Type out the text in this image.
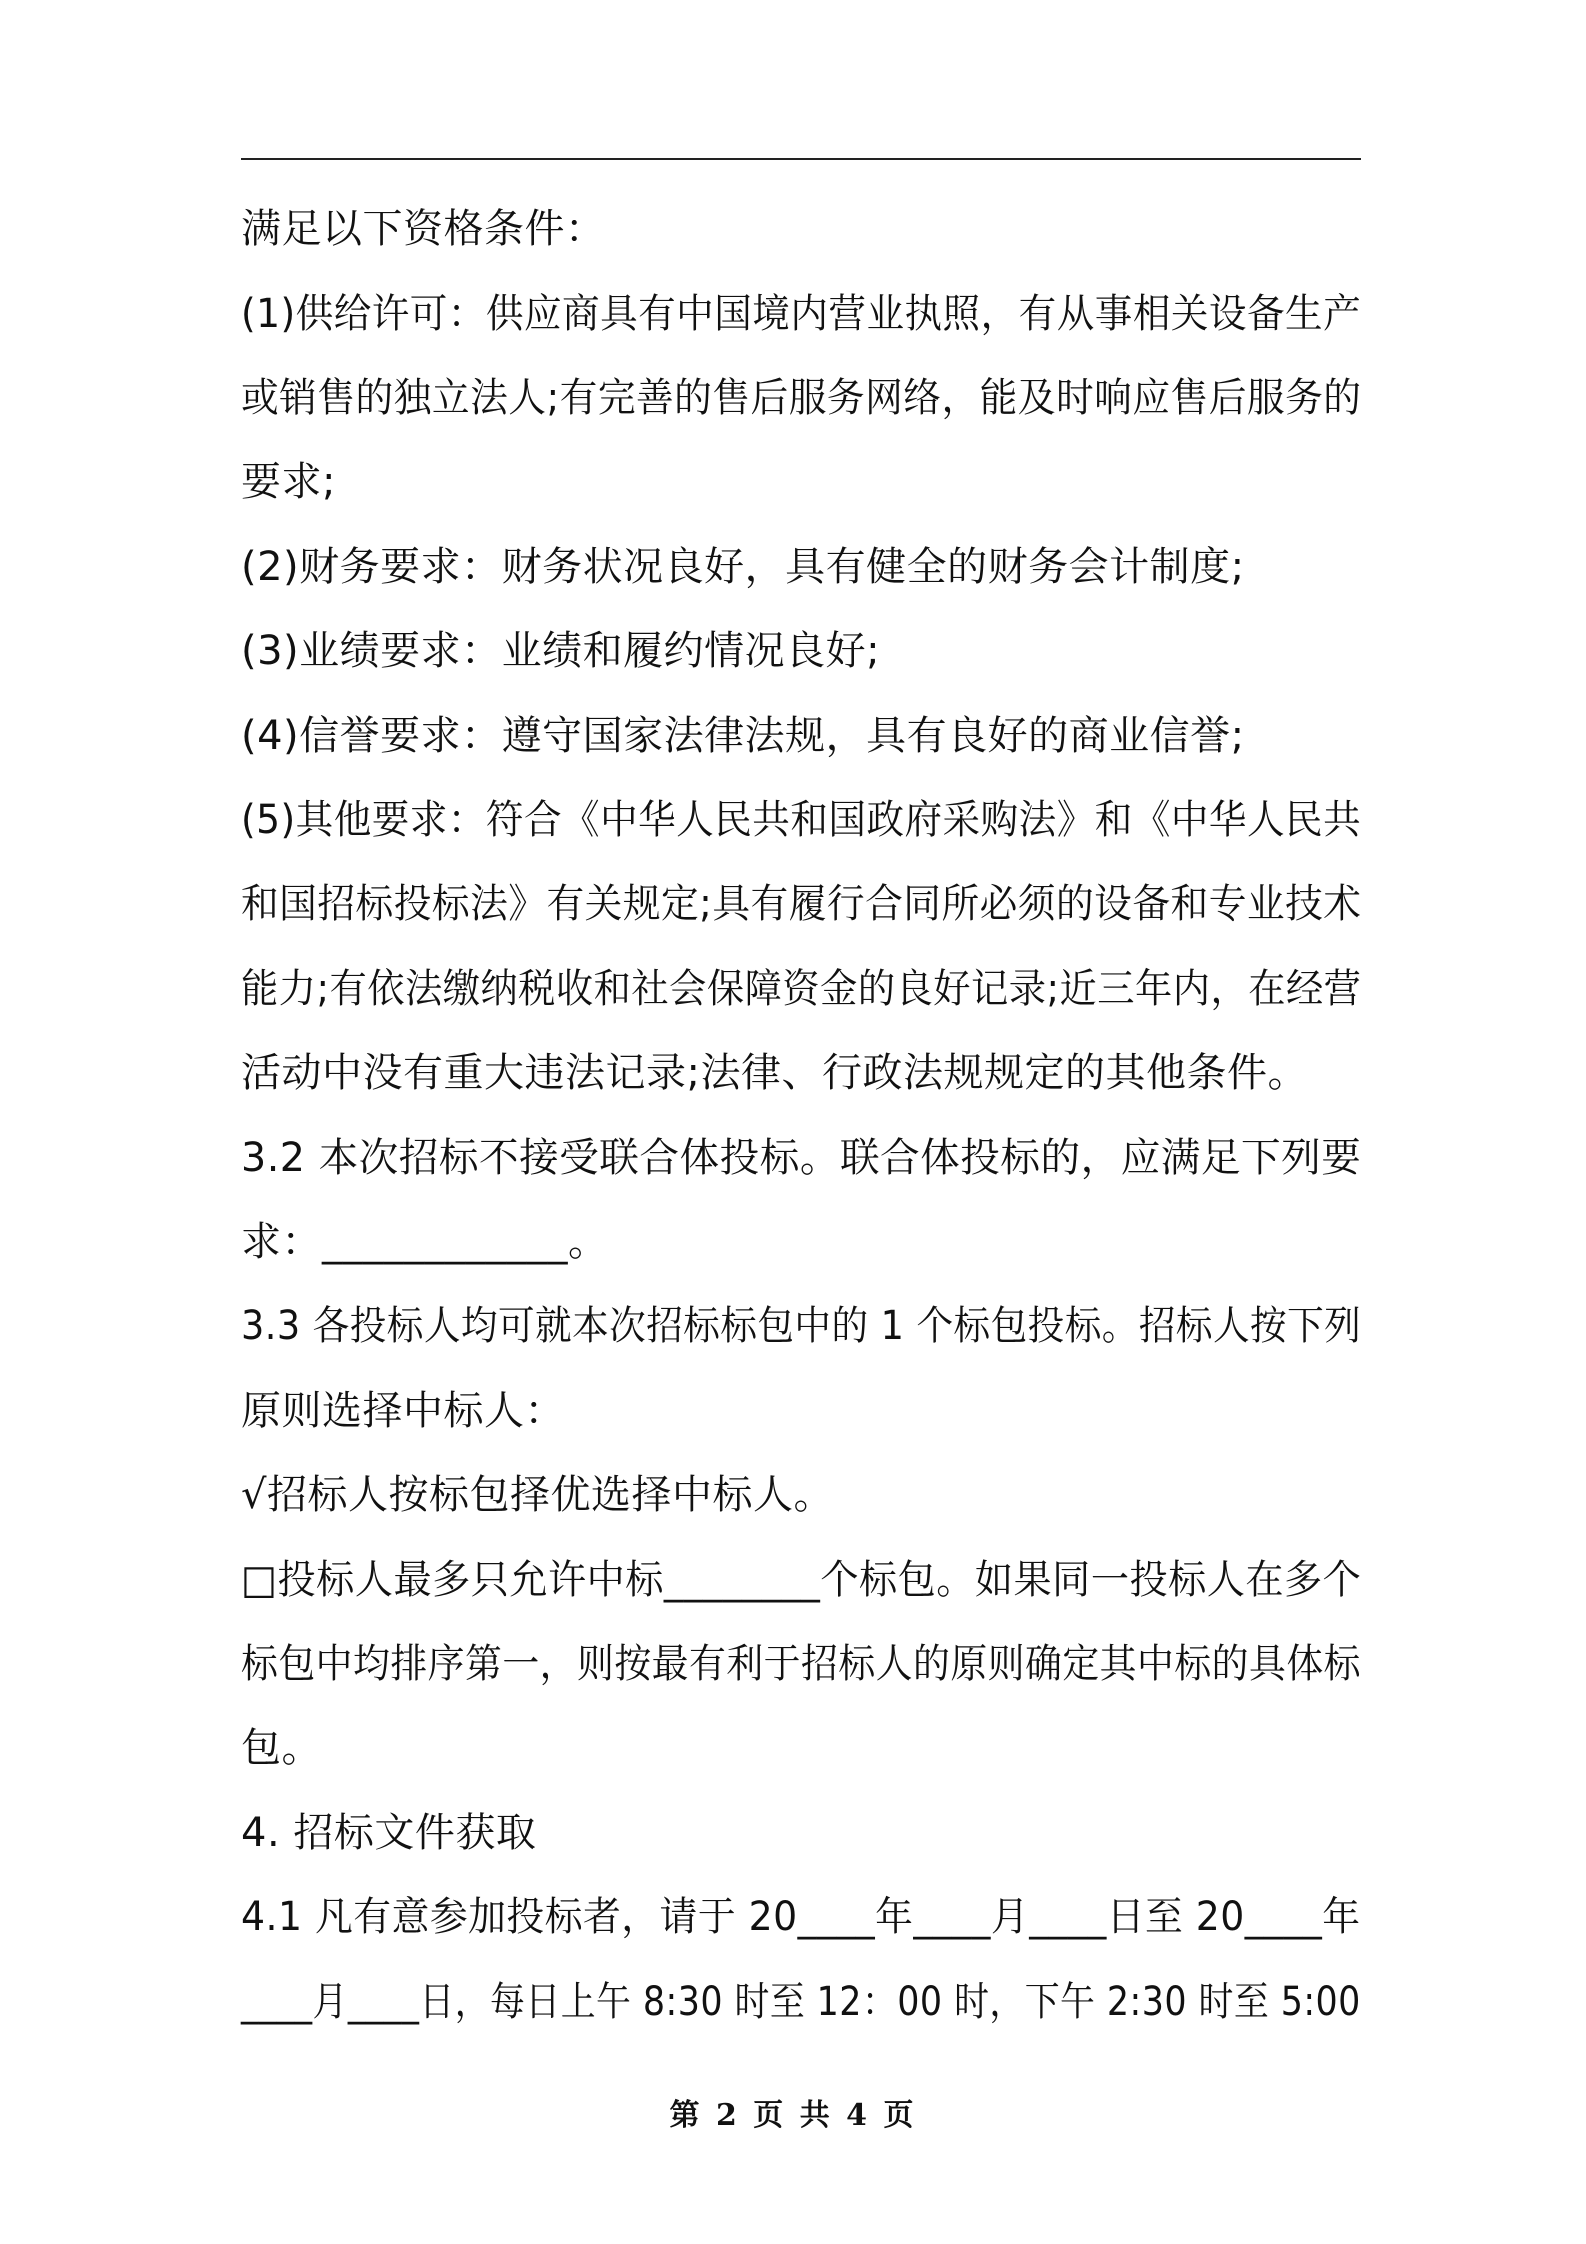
满足以下资格条件：
(1)供给许可：供应商具有中国境内营业执照，有从事相关设备生产
或销售的独立法人;有完善的售后服务网络，能及时响应售后服务的
要求;
(2)财务要求：财务状况良好，具有健全的财务会计制度;
(3)业绩要求：业绩和履约情况良好;
(4)信誉要求：遵守国家法律法规，具有良好的商业信誉;
(5)其他要求：符合《中华人民共和国政府采购法》和《中华人民共
和国招标投标法》有关规定;具有履行合同所必须的设备和专业技术
能力;有依法缴纳税收和社会保障资金的良好记录;近三年内，在经营
活动中没有重大违法记录;法律、行政法规规定的其他条件。
3.2 本次招标不接受联合体投标。联合体投标的，应满足下列要
求：____________。
3.3 各投标人均可就本次招标标包中的 1 个标包投标。招标人按下列
原则选择中标人：
√招标人按标包择优选择中标人。
□投标人最多只允许中标________个标包。如果同一投标人在多个
标包中均排序第一，则按最有利于招标人的原则确定其中标的具体标
包。
4. 招标文件获取
4.1 凡有意参加投标者，请于 20____年____月____日至 20____年
____月____日，每日上午 8:30 时至 12：00 时，下午 2:30 时至 5:00
第 2 页 共 4 页
